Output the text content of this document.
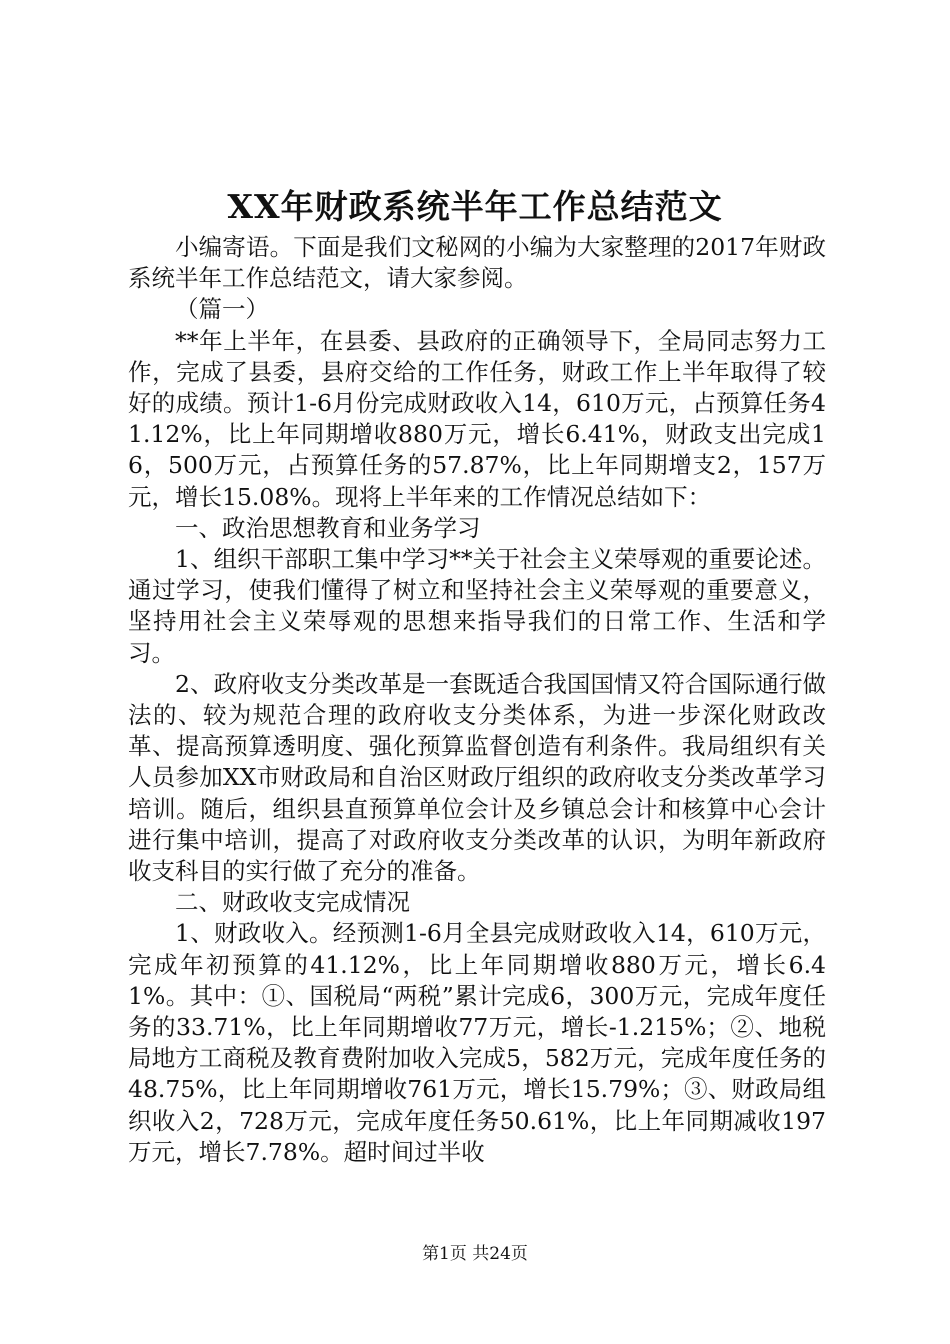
XX年财政系统半年工作总结范文

小编寄语。下面是我们文秘网的小编为大家整理的2017年财政系统半年工作总结范文，请大家参阅。

（篇一）

**年上半年，在县委、县政府的正确领导下，全局同志努力工作，完成了县委，县府交给的工作任务，财政工作上半年取得了较好的成绩。预计1-6月份完成财政收入14，610万元，占预算任务41.12%，比上年同期增收880万元，增长6.41%，财政支出完成16，500万元，占预算任务的57.87%，比上年同期增支2，157万元，增长15.08%。现将上半年来的工作情况总结如下：

一、政治思想教育和业务学习

1、组织干部职工集中学习**关于社会主义荣辱观的重要论述。通过学习，使我们懂得了树立和坚持社会主义荣辱观的重要意义，坚持用社会主义荣辱观的思想来指导我们的日常工作、生活和学习。

2、政府收支分类改革是一套既适合我国国情又符合国际通行做法的、较为规范合理的政府收支分类体系，为进一步深化财政改革、提高预算透明度、强化预算监督创造有利条件。我局组织有关人员参加XX市财政局和自治区财政厅组织的政府收支分类改革学习培训。随后，组织县直预算单位会计及乡镇总会计和核算中心会计进行集中培训，提高了对政府收支分类改革的认识，为明年新政府收支科目的实行做了充分的准备。

二、财政收支完成情况

1、财政收入。经预测1-6月全县完成财政收入14，610万元，完成年初预算的41.12%，比上年同期增收880万元，增长6.41%。其中：①、国税局“两税”累计完成6，300万元，完成年度任务的33.71%，比上年同期增收77万元，增长-1.215%；②、地税局地方工商税及教育费附加收入完成5，582万元，完成年度任务的48.75%，比上年同期增收761万元，增长15.79%；③、财政局组织收入2，728万元，完成年度任务50.61%，比上年同期减收197万元，增长7.78%。超时间过半收

第1页 共24页
